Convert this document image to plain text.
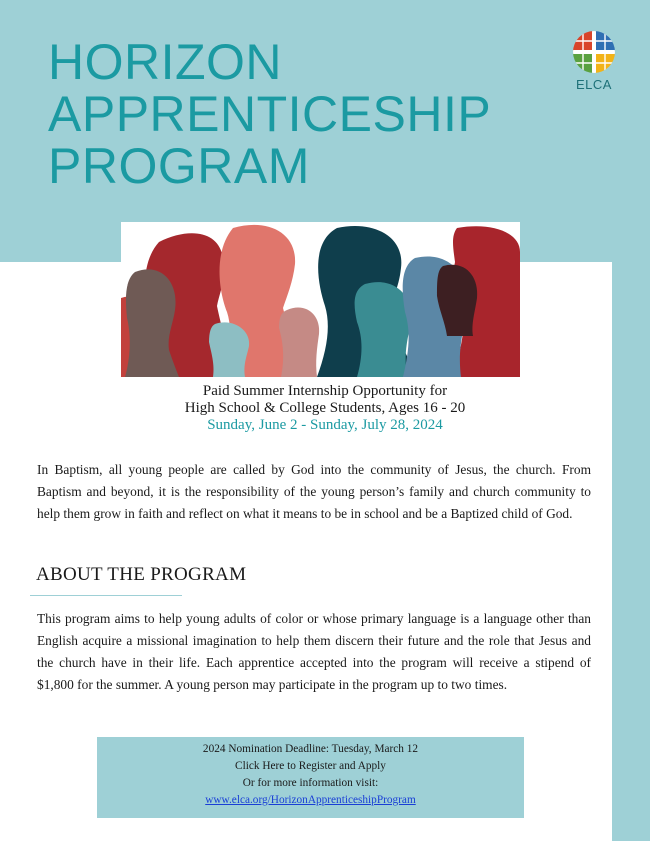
HORIZON
APPRENTICESHIP
PROGRAM
ELCA
Paid Summer Internship Opportunity for
High School & College Students, Ages 16 - 20
Sunday, June 2 - Sunday, July 28, 2024

In Baptism, all young people are called by God into the community of Jesus, the church. From Baptism and beyond, it is the responsibility of the young person’s family and church community to help them grow in faith and reflect on what it means to be in school and be a Baptized child of God.

ABOUT THE PROGRAM

This program aims to help young adults of color or whose primary language is a language other than English acquire a missional imagination to help them discern their future and the role that Jesus and the church have in their life. Each apprentice accepted into the program will receive a stipend of $1,800 for the summer. A young person may participate in the program up to two times.

2024 Nomination Deadline: Tuesday, March 12
Click Here to Register and Apply
Or for more information visit:
www.elca.org/HorizonApprenticeshipProgram
